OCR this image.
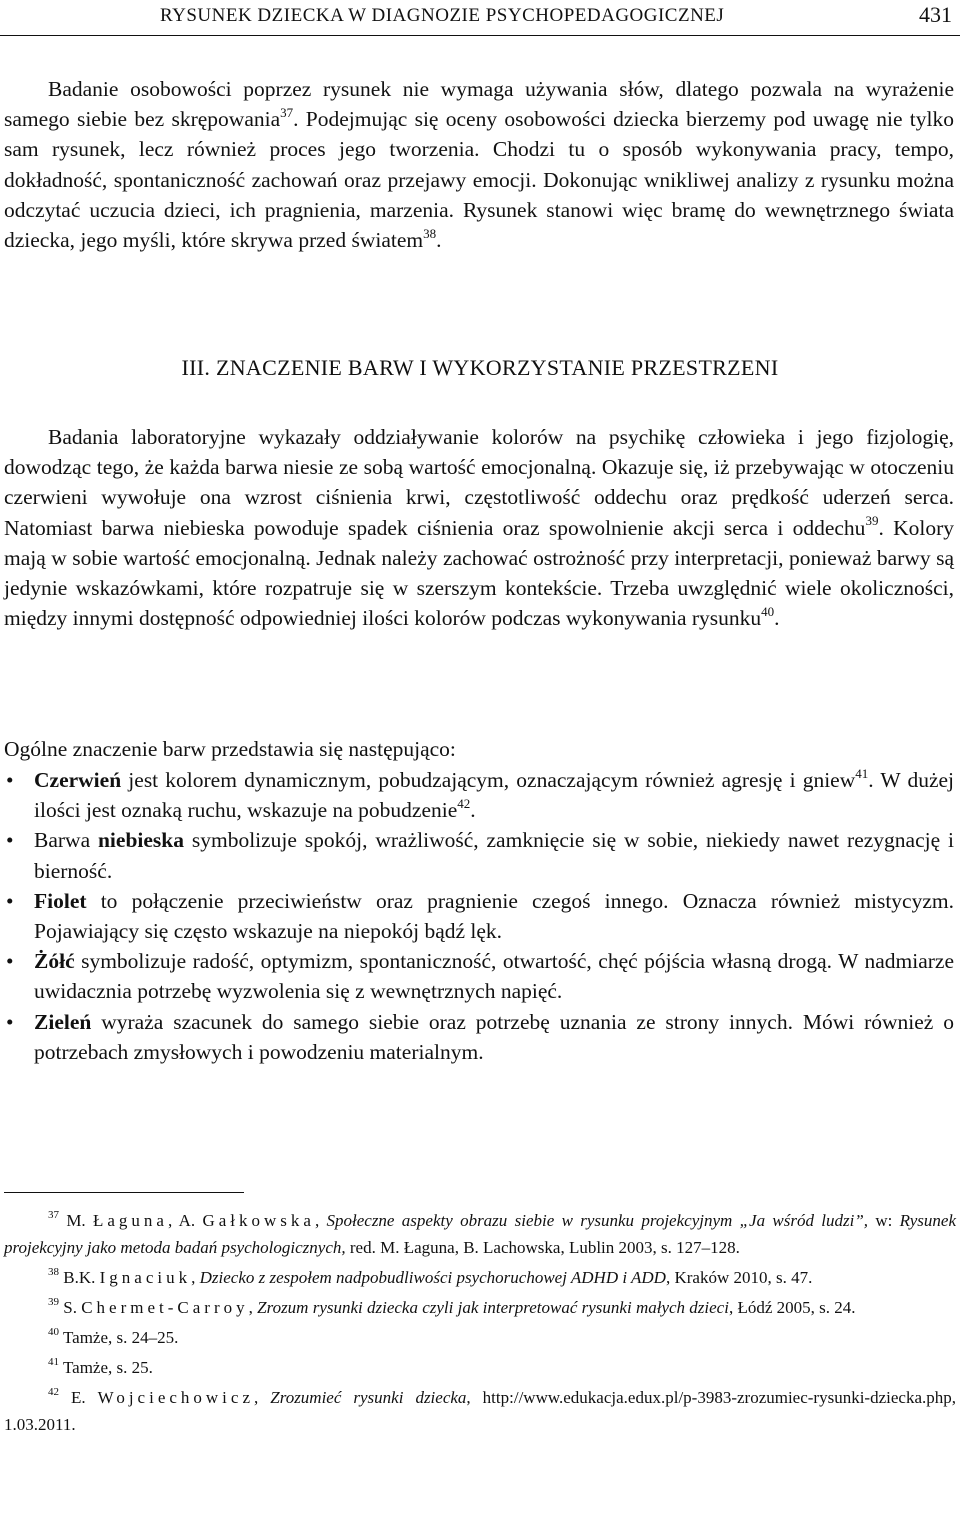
RYSUNEK DZIECKA W DIAGNOZIE PSYCHOPEDAGOGICZNEJ	431

Badanie osobowości poprzez rysunek nie wymaga używania słów, dlatego pozwala na wyrażenie samego siebie bez skrępowania$^{37}$. Podejmując się oceny osobowości dziecka bierzemy pod uwagę nie tylko sam rysunek, lecz również proces jego tworzenia. Chodzi tu o sposób wykonywania pracy, tempo, dokładność, spontaniczność zachowań oraz przejawy emocji. Dokonując wnikliwej analizy z rysunku można odczytać uczucia dzieci, ich pragnienia, marzenia. Rysunek stanowi więc bramę do wewnętrznego świata dziecka, jego myśli, które skrywa przed światem$^{38}$.

III. ZNACZENIE BARW I WYKORZYSTANIE PRZESTRZENI

Badania laboratoryjne wykazały oddziaływanie kolorów na psychikę człowieka i jego fizjologię, dowodząc tego, że każda barwa niesie ze sobą wartość emocjonalną. Okazuje się, iż przebywając w otoczeniu czerwieni wywołuje ona wzrost ciśnienia krwi, częstotliwość oddechu oraz prędkość uderzeń serca. Natomiast barwa niebieska powoduje spadek ciśnienia oraz spowolnienie akcji serca i oddechu$^{39}$. Kolory mają w sobie wartość emocjonalną. Jednak należy zachować ostrożność przy interpretacji, ponieważ barwy są jedynie wskazówkami, które rozpatruje się w szerszym kontekście. Trzeba uwzględnić wiele okoliczności, między innymi dostępność odpowiedniej ilości kolorów podczas wykonywania rysunku$^{40}$.

Ogólne znaczenie barw przedstawia się następująco:
• Czerwień jest kolorem dynamicznym, pobudzającym, oznaczającym również agresję i gniew$^{41}$. W dużej ilości jest oznaką ruchu, wskazuje na pobudzenie$^{42}$.
• Barwa niebieska symbolizuje spokój, wrażliwość, zamknięcie się w sobie, niekiedy nawet rezygnację i bierność.
• Fiolet to połączenie przeciwieństw oraz pragnienie czegoś innego. Oznacza również mistycyzm. Pojawiający się często wskazuje na niepokój bądź lęk.
• Żółć symbolizuje radość, optymizm, spontaniczność, otwartość, chęć pójścia własną drogą. W nadmiarze uwidacznia potrzebę wyzwolenia się z wewnętrznych napięć.
• Zieleń wyraża szacunek do samego siebie oraz potrzebę uznania ze strony innych. Mówi również o potrzebach zmysłowych i powodzeniu materialnym.

$^{37}$ M. Łaguna, A. Gałkowska, Społeczne aspekty obrazu siebie w rysunku projekcyjnym „Ja wśród ludzi”, w: Rysunek projekcyjny jako metoda badań psychologicznych, red. M. Łaguna, B. Lachowska, Lublin 2003, s. 127–128.

$^{38}$ B.K. Ignaciuk, Dziecko z zespołem nadpobudliwości psychoruchowej ADHD i ADD, Kraków 2010, s. 47.

$^{39}$ S. Chermet-Carroy, Zrozum rysunki dziecka czyli jak interpretować rysunki małych dzieci, Łódź 2005, s. 24.

$^{40}$ Tamże, s. 24–25.

$^{41}$ Tamże, s. 25.

$^{42}$ E. Wojciechowicz, Zrozumieć rysunki dziecka, http://www.edukacja.edux.pl/p-3983-zrozumiec-rysunki-dziecka.php, 1.03.2011.
